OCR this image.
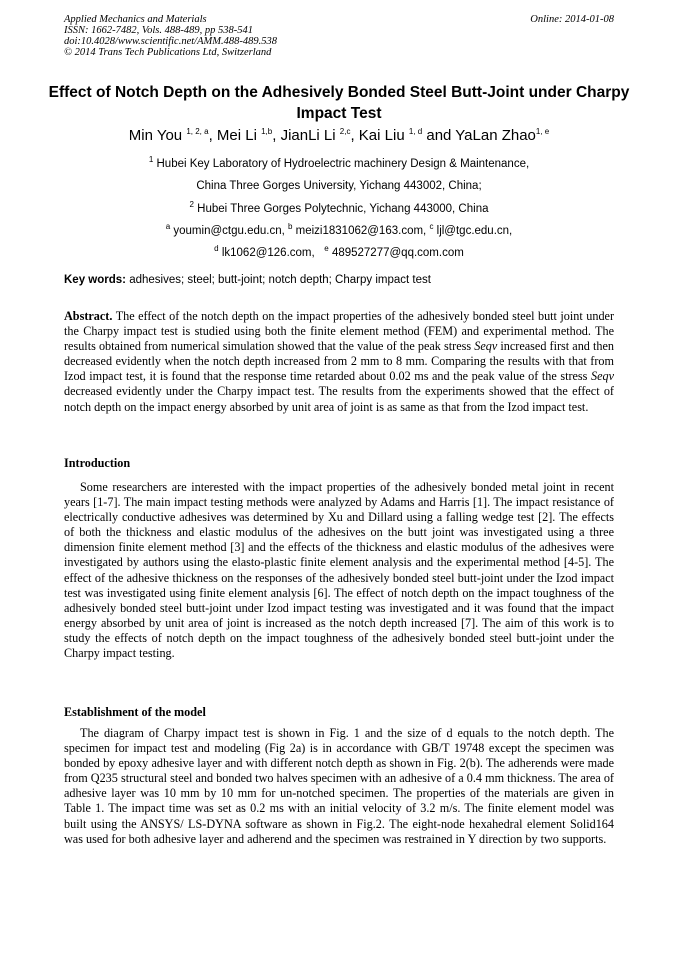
Applied Mechanics and Materials
ISSN: 1662-7482, Vols. 488-489, pp 538-541
doi:10.4028/www.scientific.net/AMM.488-489.538
© 2014 Trans Tech Publications Ltd, Switzerland
Online: 2014-01-08
Effect of Notch Depth on the Adhesively Bonded Steel Butt-Joint under Charpy Impact Test
Min You $^{1, 2, a}$, Mei Li $^{1,b}$, JianLi Li $^{2,c}$, Kai Liu $^{1, d}$ and YaLan Zhao$^{1, e}$
$^1$ Hubei Key Laboratory of Hydroelectric machinery Design & Maintenance,
China Three Gorges University, Yichang 443002, China;
$^2$ Hubei Three Gorges Polytechnic, Yichang 443000, China
$^a$ youmin@ctgu.edu.cn, $^b$ meizi1831062@163.com, $^c$ ljl@tgc.edu.cn,
$^d$ lk1062@126.com,   $^e$ 489527277@qq.com.com
Key words: adhesives; steel; butt-joint; notch depth; Charpy impact test
Abstract. The effect of the notch depth on the impact properties of the adhesively bonded steel butt joint under the Charpy impact test is studied using both the finite element method (FEM) and experimental method. The results obtained from numerical simulation showed that the value of the peak stress Seqv increased first and then decreased evidently when the notch depth increased from 2 mm to 8 mm. Comparing the results with that from Izod impact test, it is found that the response time retarded about 0.02 ms and the peak value of the stress Seqv decreased evidently under the Charpy impact test. The results from the experiments showed that the effect of notch depth on the impact energy absorbed by unit area of joint is as same as that from the Izod impact test.
Introduction
Some researchers are interested with the impact properties of the adhesively bonded metal joint in recent years [1-7]. The main impact testing methods were analyzed by Adams and Harris [1]. The impact resistance of electrically conductive adhesives was determined by Xu and Dillard using a falling wedge test [2]. The effects of both the thickness and elastic modulus of the adhesives on the butt joint was investigated using a three dimension finite element method [3] and the effects of the thickness and elastic modulus of the adhesives were investigated by authors using the elasto-plastic finite element analysis and the experimental method [4-5]. The effect of the adhesive thickness on the responses of the adhesively bonded steel butt-joint under the Izod impact test was investigated using finite element analysis [6]. The effect of notch depth on the impact toughness of the adhesively bonded steel butt-joint under Izod impact testing was investigated and it was found that the impact energy absorbed by unit area of joint is increased as the notch depth increased [7]. The aim of this work is to study the effects of notch depth on the impact toughness of the adhesively bonded steel butt-joint under the Charpy impact testing.
Establishment of the model
The diagram of Charpy impact test is shown in Fig. 1 and the size of d equals to the notch depth. The specimen for impact test and modeling (Fig 2a) is in accordance with GB/T 19748 except the specimen was bonded by epoxy adhesive layer and with different notch depth as shown in Fig. 2(b). The adherends were made from Q235 structural steel and bonded two halves specimen with an adhesive of a 0.4 mm thickness. The area of adhesive layer was 10 mm by 10 mm for un-notched specimen. The properties of the materials are given in Table 1. The impact time was set as 0.2 ms with an initial velocity of 3.2 m/s. The finite element model was built using the ANSYS/ LS-DYNA software as shown in Fig.2. The eight-node hexahedral element Solid164 was used for both adhesive layer and adherend and the specimen was restrained in Y direction by two supports.
